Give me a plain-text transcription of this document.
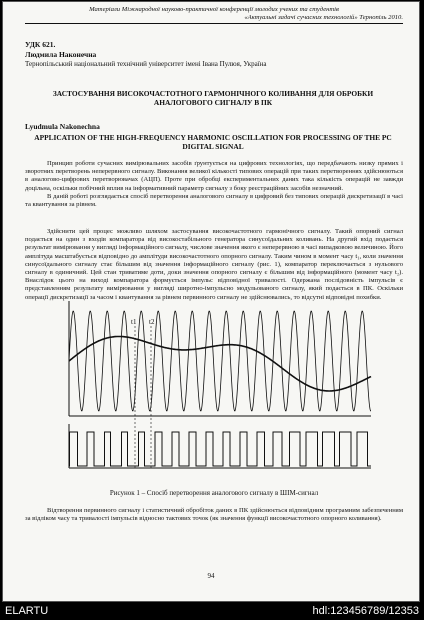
Матеріали Міжнародної науково-практичної конференції молодих учених та студентів
«Актуальні задачі сучасних технологій» Тернопіль 2010.
УДК 621.
Людмила Наконечна
Тернопільський національний технічний університет імені Івана Пулюя, Україна
ЗАСТОСУВАННЯ ВИСОКОЧАСТОТНОГО ГАРМОНІЧНОГО КОЛИВАННЯ ДЛЯ ОБРОБКИ АНАЛОГОВОГО СИГНАЛУ В ПК
Lyudmula Nakonechna
APPLICATION OF THE HIGH-FREQUENCY HARMONIC OSCILLATION FOR PROCESSING OF THE PC DIGITAL SIGNAL

Принцип роботи сучасних вимірювальних засобів ґрунтується на цифрових технологіях, що передбачають низку прямих і зворотних перетворень неперервного сигналу. Виконання великої кількості типових операцій при таких перетвореннях здійснюються в аналогово-цифрових перетворювачах (АЦП). Проте при обробці експериментальних даних така кількість операцій не завжди доцільна, оскільки побічний вплив на інформативний параметр сигналу з боку реєстраційних засобів незначний.

В даній роботі розглядається спосіб перетворення аналогового сигналу в цифровий без типових операцій дискретизації в часі та квантування за рівнем.

Здійснити цей процес можливо шляхом застосування високочастотного гармонічного сигналу. Такий опорний сигнал подається на один з входів компаратора від високостабільного генератора синусоїдальних коливань. На другий вхід подається результат вимірювання у вигляді інформаційного сигналу, числове значення якого є неперервною в часі випадковою величиною. Його амплітуда масштабується відповідно до амплітуди високочастотного опорного сигналу. Таким чином в момент часу t₁, коли значення синусоїдального сигналу стає більшим від значення інформаційного сигналу (рис. 1), компаратор переключається з нульового сигналу в одиничний. Цей стан триватиме доти, доки значення опорного сигналу є більшим від інформаційного (момент часу t₂). Внаслідок цього на виході компаратора формується імпульс відповідної тривалості. Одержана послідовність імпульсів є представленням результату вимірювання у вигляді широтно-імпульсно модульованого сигналу, який подається в ПК. Оскільки операції дискретизації за часом і квантування за рівнем первинного сигналу не здійснювались, то відсутні відповідні похибки.

t1 t2
Рисунок 1 – Спосіб перетворення аналогового сигналу в ШІМ-сигнал

Відтворення первинного сигналу і статистичний обробіток даних в ПК здійснюється відповідним програмним забезпеченням за відліком часу та тривалості імпульсів відносно тактових точок (як значення функції високочастотного опорного коливання).

94
ELARTU	hdl:123456789/12353
